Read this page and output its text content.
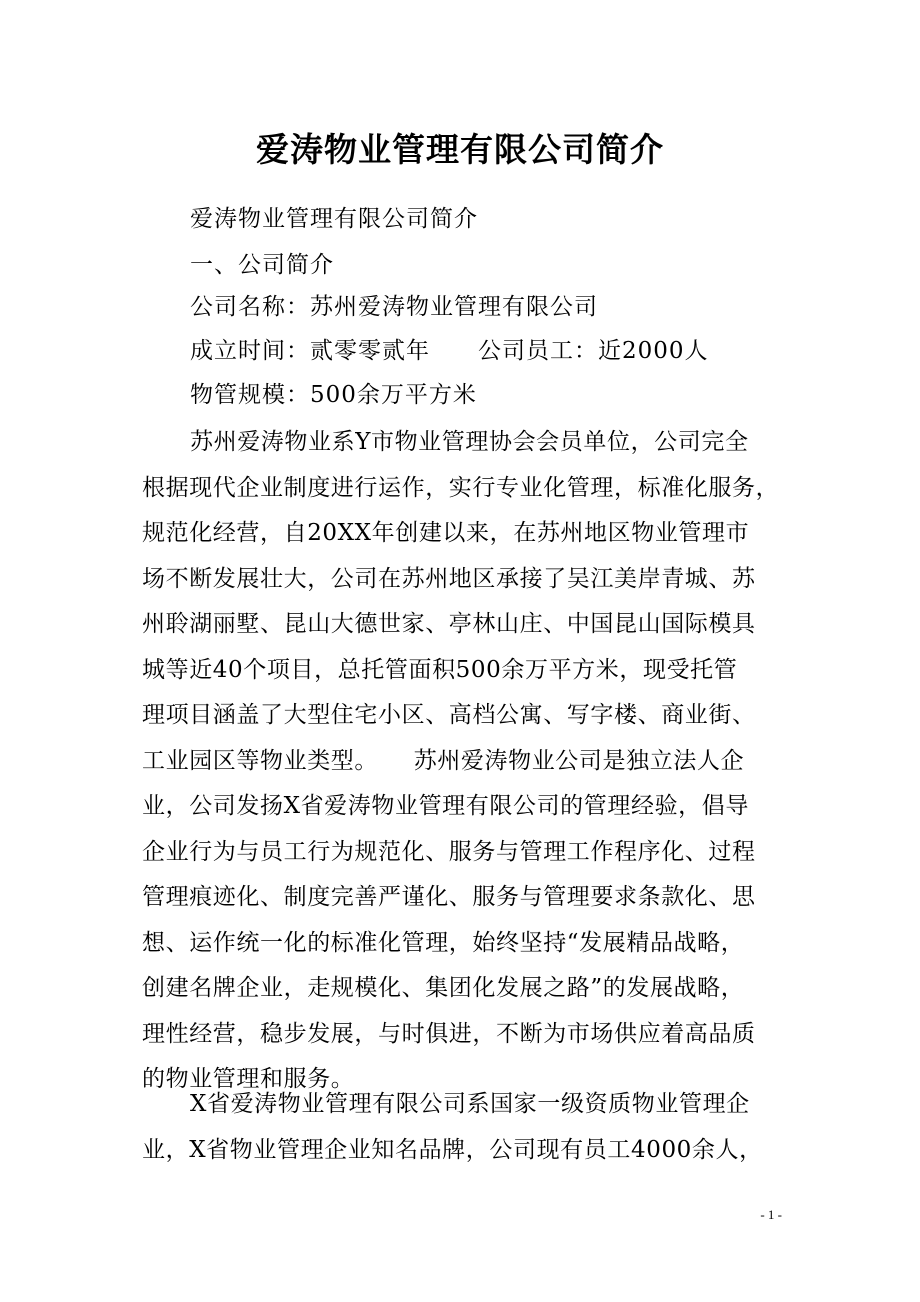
爱涛物业管理有限公司简介
爱涛物业管理有限公司简介
一、公司简介
公司名称：苏州爱涛物业管理有限公司
成立时间：贰零零贰年　　公司员工：近2000人
物管规模：500余万平方米
苏州爱涛物业系Y市物业管理协会会员单位，公司完全
根据现代企业制度进行运作，实行专业化管理，标准化服务，
规范化经营，自20XX年创建以来，在苏州地区物业管理市
场不断发展壮大，公司在苏州地区承接了吴江美岸青城、苏
州聆湖丽墅、昆山大德世家、亭林山庄、中国昆山国际模具
城等近40个项目，总托管面积500余万平方米，现受托管
理项目涵盖了大型住宅小区、高档公寓、写字楼、商业街、
工业园区等物业类型。　　苏州爱涛物业公司是独立法人企
业，公司发扬X省爱涛物业管理有限公司的管理经验，倡导
企业行为与员工行为规范化、服务与管理工作程序化、过程
管理痕迹化、制度完善严谨化、服务与管理要求条款化、思
想、运作统一化的标准化管理，始终坚持“发展精品战略，
创建名牌企业，走规模化、集团化发展之路”的发展战略，
理性经营，稳步发展，与时俱进，不断为市场供应着高品质
的物业管理和服务。
X省爱涛物业管理有限公司系国家一级资质物业管理企
业，X省物业管理企业知名品牌，公司现有员工4000余人，
- 1 -
